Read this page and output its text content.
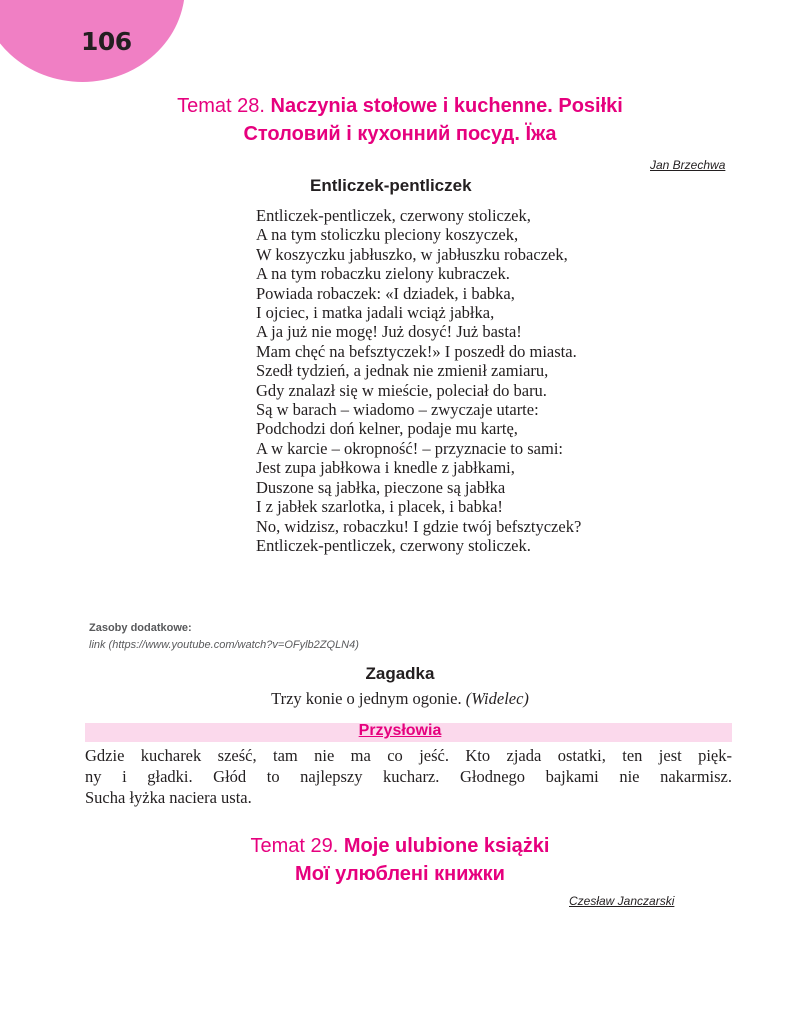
106
Temat 28. Naczynia stołowe i kuchenne. Posiłki
Столовий і кухонний посуд. Їжа
Jan Brzechwa
Entliczek-pentliczek
Entliczek-pentliczek, czerwony stoliczek,
A na tym stoliczku pleciony koszyczek,
W koszyczku jabłuszko, w jabłuszku robaczek,
A na tym robaczku zielony kubraczek.
Powiada robaczek: «I dziadek, i babka,
I ojciec, i matka jadali wciąż jabłka,
A ja już nie mogę! Już dosyć! Już basta!
Mam chęć na befsztyczek!» I poszedł do miasta.
Szedł tydzień, a jednak nie zmienił zamiaru,
Gdy znalazł się w mieście, poleciał do baru.
Są w barach – wiadomo – zwyczaje utarte:
Podchodzi doń kelner, podaje mu kartę,
A w karcie – okropność! – przyznacie to sami:
Jest zupa jabłkowa i knedle z jabłkami,
Duszone są jabłka, pieczone są jabłka
I z jabłek szarlotka, i placek, i babka!
No, widzisz, robaczku! I gdzie twój befsztyczek?
Entliczek-pentliczek, czerwony stoliczek.
Zasoby dodatkowe:
link (https://www.youtube.com/watch?v=OFylb2ZQLN4)
Zagadka
Trzy konie o jednym ogonie. (Widelec)
Przysłowia
Gdzie kucharek sześć, tam nie ma co jeść. Kto zjada ostatki, ten jest pięk-
ny i gładki. Głód to najlepszy kucharz. Głodnego bajkami nie nakarmisz.
Sucha łyżka naciera usta.
Temat 29. Moje ulubione książki
Мої улюблені книжки
Czesław Janczarski
